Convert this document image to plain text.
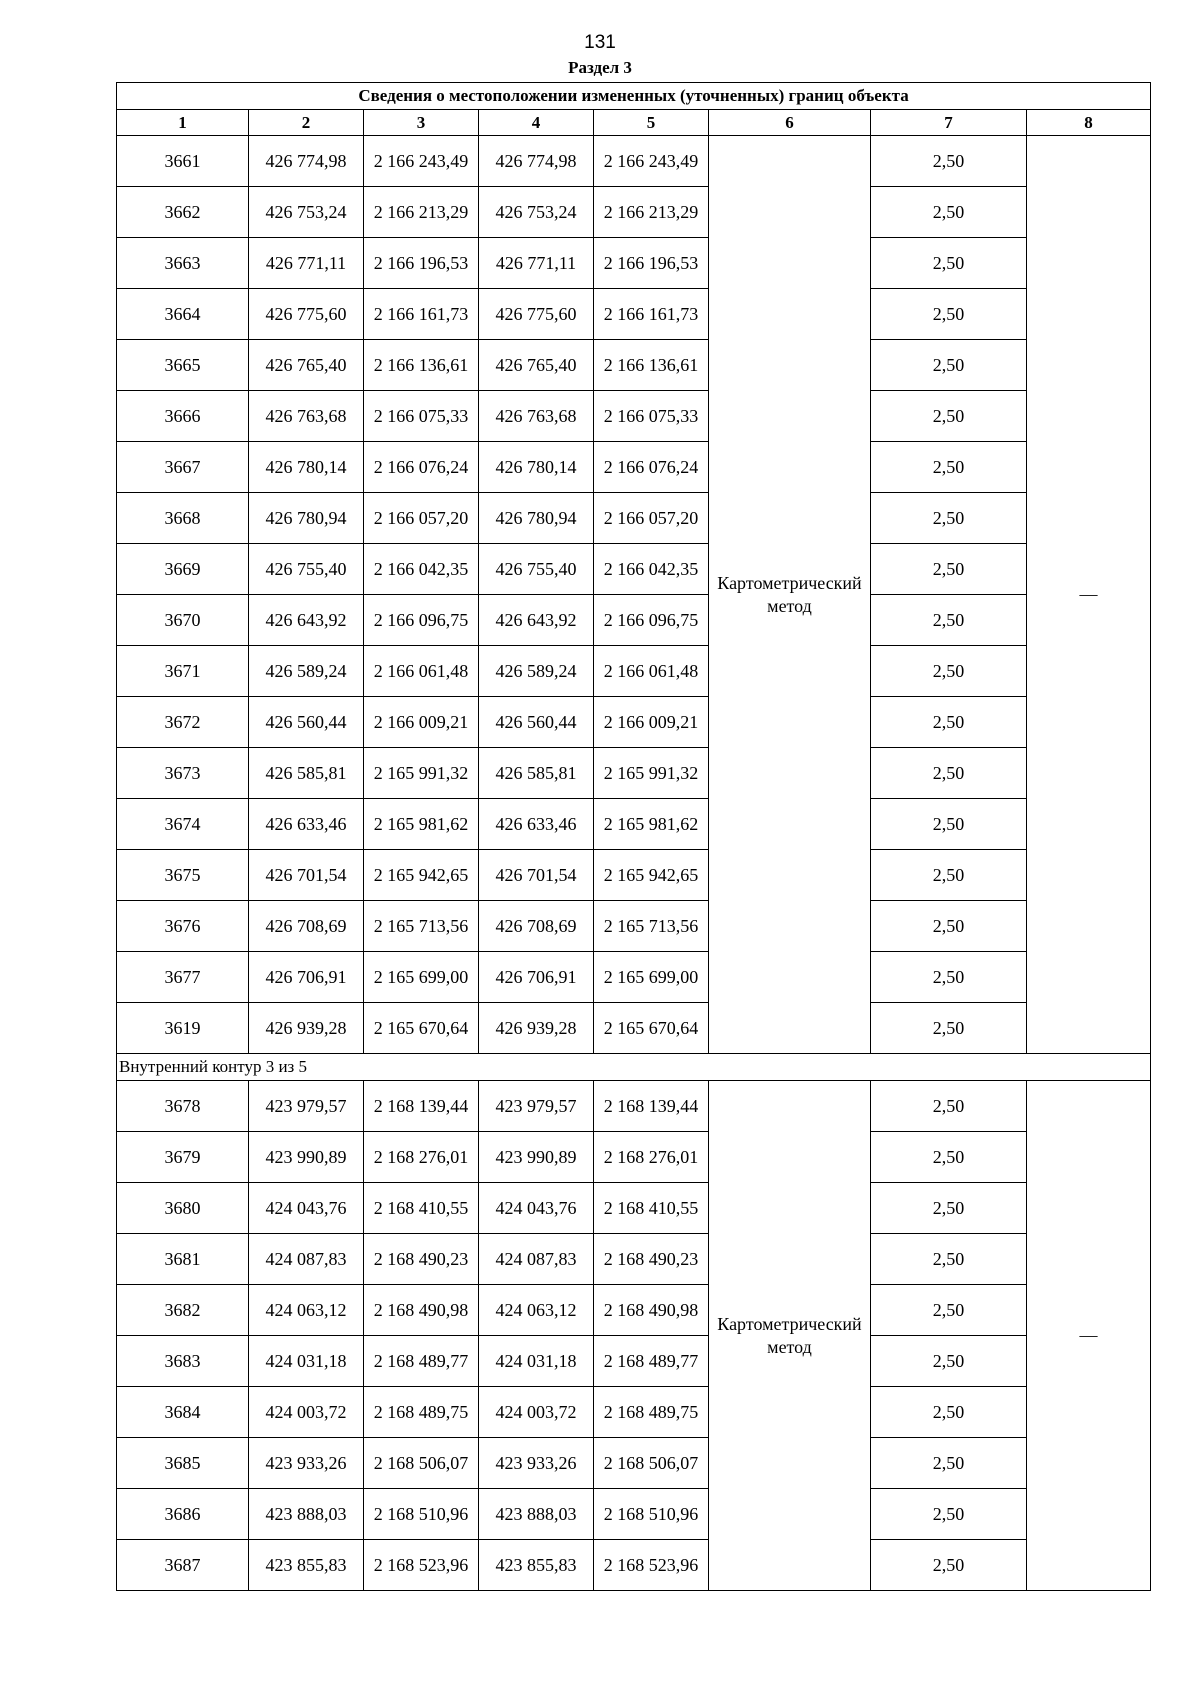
131
Раздел 3
Сведения о местоположении измененных (уточненных) границ объекта							
1	2	3	4	5	6	7	8
3661	426 774,98	2 166 243,49	426 774,98	2 166 243,49	Картометрический метод	2,50	—
3662	426 753,24	2 166 213,29	426 753,24	2 166 213,29		2,50	
3663	426 771,11	2 166 196,53	426 771,11	2 166 196,53		2,50	
3664	426 775,60	2 166 161,73	426 775,60	2 166 161,73		2,50	
3665	426 765,40	2 166 136,61	426 765,40	2 166 136,61		2,50	
3666	426 763,68	2 166 075,33	426 763,68	2 166 075,33		2,50	
3667	426 780,14	2 166 076,24	426 780,14	2 166 076,24		2,50	
3668	426 780,94	2 166 057,20	426 780,94	2 166 057,20		2,50	
3669	426 755,40	2 166 042,35	426 755,40	2 166 042,35		2,50	
3670	426 643,92	2 166 096,75	426 643,92	2 166 096,75		2,50	
3671	426 589,24	2 166 061,48	426 589,24	2 166 061,48		2,50	
3672	426 560,44	2 166 009,21	426 560,44	2 166 009,21		2,50	
3673	426 585,81	2 165 991,32	426 585,81	2 165 991,32		2,50	
3674	426 633,46	2 165 981,62	426 633,46	2 165 981,62		2,50	
3675	426 701,54	2 165 942,65	426 701,54	2 165 942,65		2,50	
3676	426 708,69	2 165 713,56	426 708,69	2 165 713,56		2,50	
3677	426 706,91	2 165 699,00	426 706,91	2 165 699,00		2,50	
3619	426 939,28	2 165 670,64	426 939,28	2 165 670,64		2,50	
Внутренний контур 3 из 5							
3678	423 979,57	2 168 139,44	423 979,57	2 168 139,44	Картометрический метод	2,50	—
3679	423 990,89	2 168 276,01	423 990,89	2 168 276,01		2,50	
3680	424 043,76	2 168 410,55	424 043,76	2 168 410,55		2,50	
3681	424 087,83	2 168 490,23	424 087,83	2 168 490,23		2,50	
3682	424 063,12	2 168 490,98	424 063,12	2 168 490,98		2,50	
3683	424 031,18	2 168 489,77	424 031,18	2 168 489,77		2,50	
3684	424 003,72	2 168 489,75	424 003,72	2 168 489,75		2,50	
3685	423 933,26	2 168 506,07	423 933,26	2 168 506,07		2,50	
3686	423 888,03	2 168 510,96	423 888,03	2 168 510,96		2,50	
3687	423 855,83	2 168 523,96	423 855,83	2 168 523,96		2,50	
